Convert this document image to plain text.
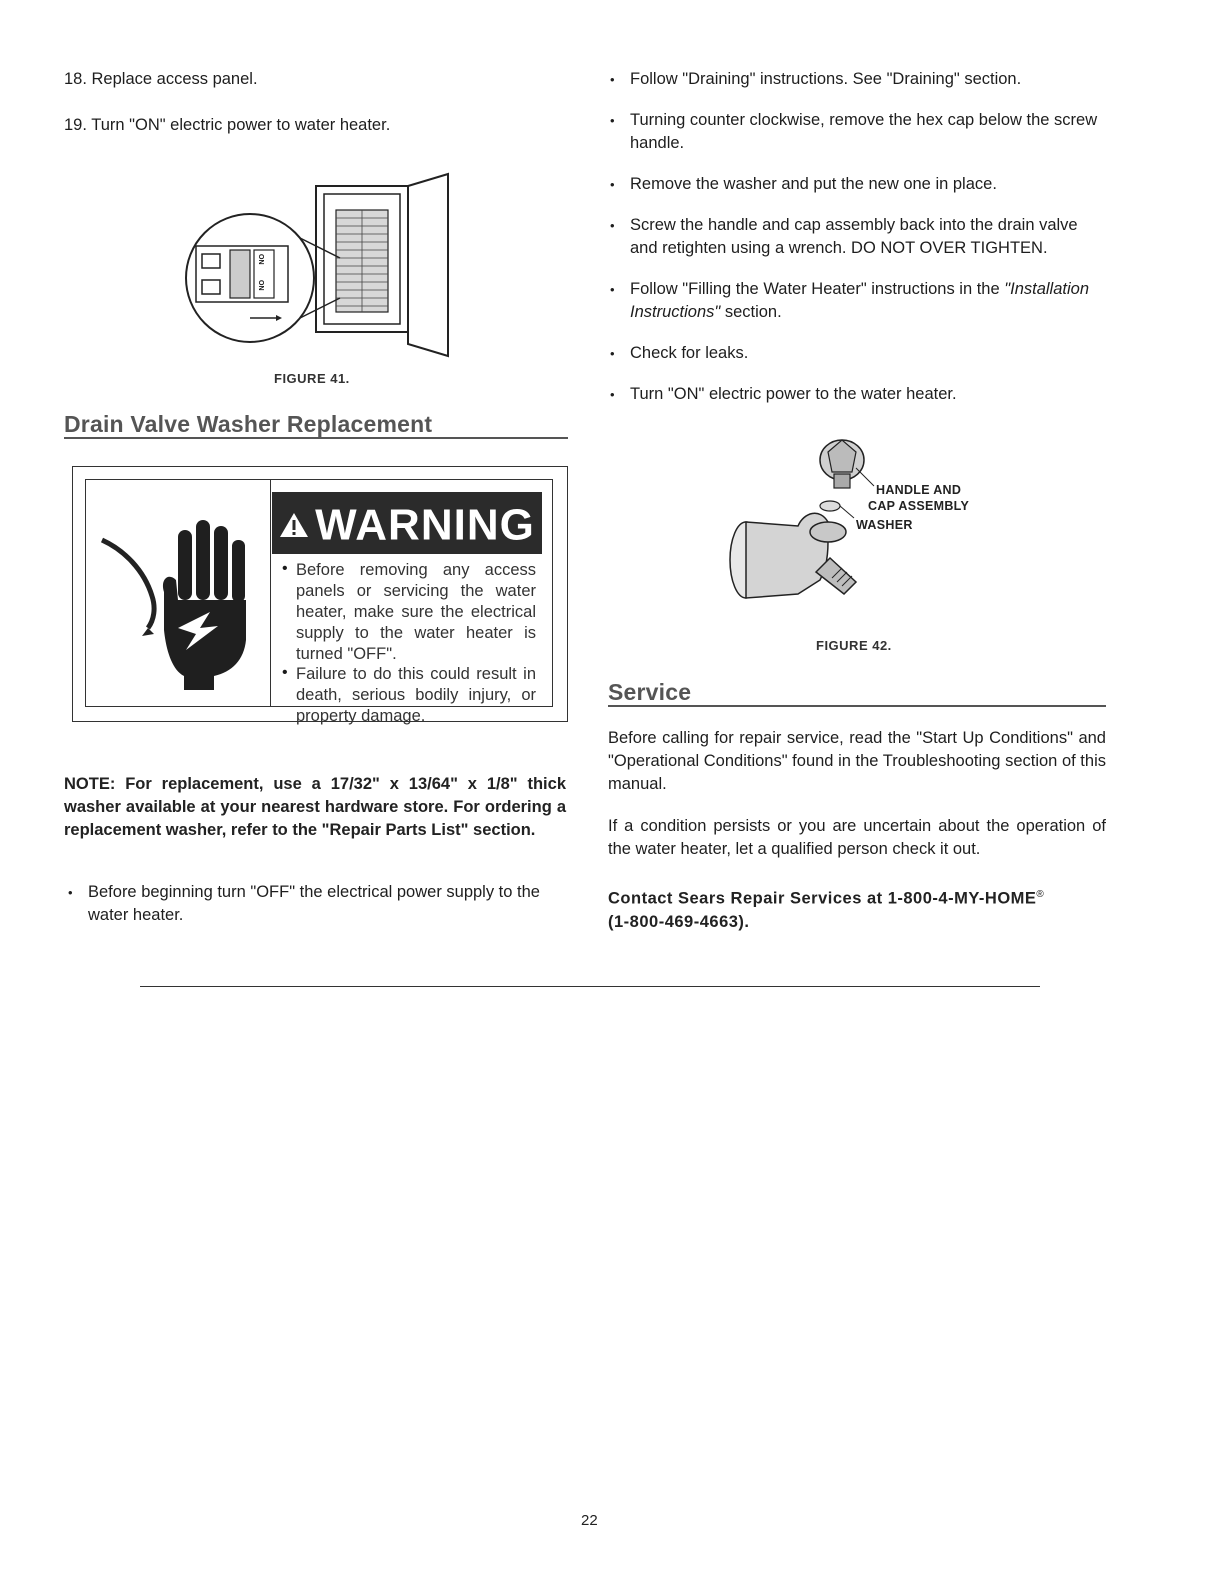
18. Replace access panel.
19. Turn "ON" electric power to water heater.
ON
ON
FIGURE 41.
Drain Valve Washer Replacement
WARNING
• Before removing any access panels or servicing the water heater, make sure the electrical supply to the water heater is turned "OFF".
• Failure to do this could result in death, serious bodily injury, or property damage.
NOTE: For replacement, use a 17/32" x 13/64" x 1/8" thick washer available at your nearest hardware store. For ordering a replacement washer, refer to the "Repair Parts List" section.
• Before beginning turn "OFF" the electrical power supply to the water heater.
• Follow "Draining" instructions. See "Draining" section.
• Turning counter clockwise, remove the hex cap below the screw handle.
• Remove the washer and put the new one in place.
• Screw the handle and cap assembly back into the drain valve and retighten using a wrench. DO NOT OVER TIGHTEN.
• Follow "Filling the Water Heater" instructions in the "Installation Instructions" section.
• Check for leaks.
• Turn "ON" electric power to the water heater.
HANDLE AND
CAP ASSEMBLY
WASHER
FIGURE 42.
Service
Before calling for repair service, read the "Start Up Conditions" and "Operational Conditions" found in the Troubleshooting section of this manual.
If a condition persists or you are uncertain about the operation of the water heater, let a qualified person check it out.
Contact Sears Repair Services at 1-800-4-MY-HOME®
(1-800-469-4663).
22
